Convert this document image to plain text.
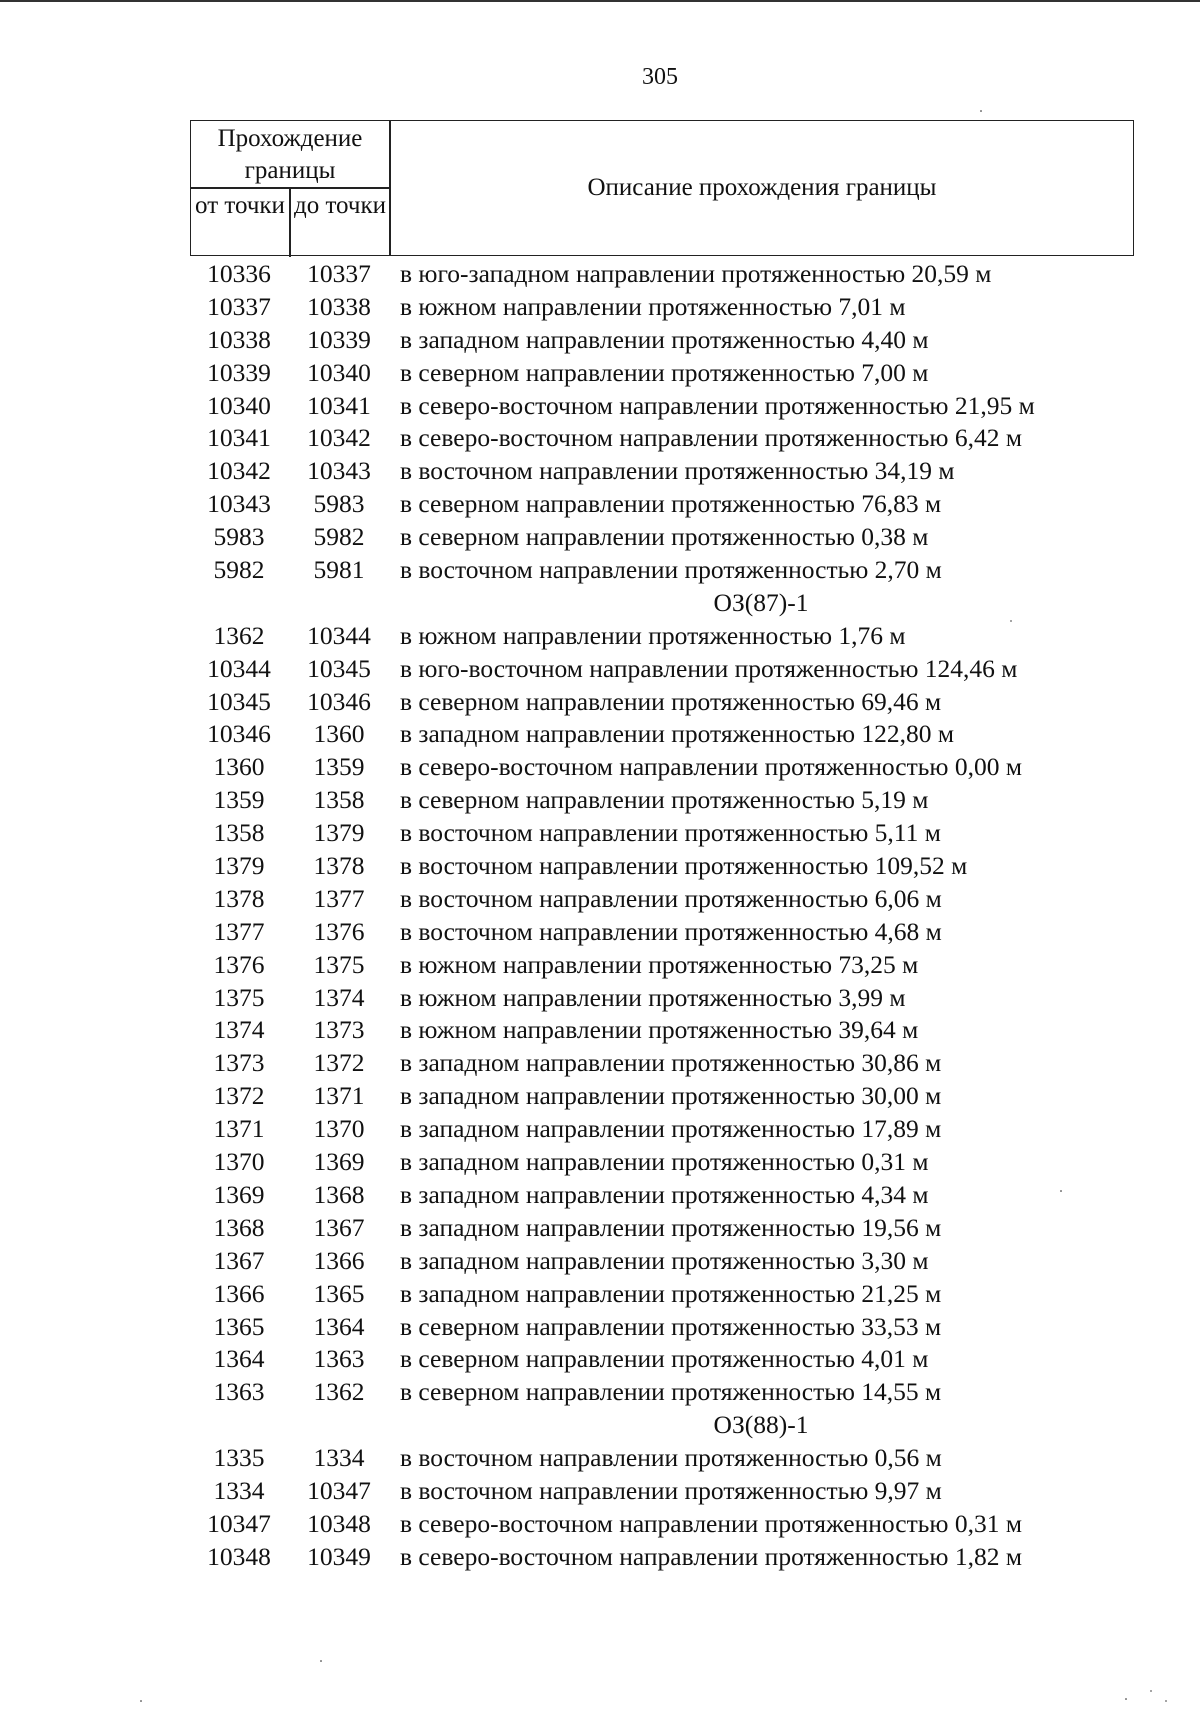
305
Прохождение границы
от точки до точки
Описание прохождения границы
10336	10337	в юго-западном направлении протяженностью 20,59 м
10337	10338	в южном направлении протяженностью 7,01 м
10338	10339	в западном направлении протяженностью 4,40 м
10339	10340	в северном направлении протяженностью 7,00 м
10340	10341	в северо-восточном направлении протяженностью 21,95 м
10341	10342	в северо-восточном направлении протяженностью 6,42 м
10342	10343	в восточном направлении протяженностью 34,19 м
10343	5983	в северном направлении протяженностью 76,83 м
5983	5982	в северном направлении протяженностью 0,38 м
5982	5981	в восточном направлении протяженностью 2,70 м
ОЗ(87)-1
1362	10344	в южном направлении протяженностью 1,76 м
10344	10345	в юго-восточном направлении протяженностью 124,46 м
10345	10346	в северном направлении протяженностью 69,46 м
10346	1360	в западном направлении протяженностью 122,80 м
1360	1359	в северо-восточном направлении протяженностью 0,00 м
1359	1358	в северном направлении протяженностью 5,19 м
1358	1379	в восточном направлении протяженностью 5,11 м
1379	1378	в восточном направлении протяженностью 109,52 м
1378	1377	в восточном направлении протяженностью 6,06 м
1377	1376	в восточном направлении протяженностью 4,68 м
1376	1375	в южном направлении протяженностью 73,25 м
1375	1374	в южном направлении протяженностью 3,99 м
1374	1373	в южном направлении протяженностью 39,64 м
1373	1372	в западном направлении протяженностью 30,86 м
1372	1371	в западном направлении протяженностью 30,00 м
1371	1370	в западном направлении протяженностью 17,89 м
1370	1369	в западном направлении протяженностью 0,31 м
1369	1368	в западном направлении протяженностью 4,34 м
1368	1367	в западном направлении протяженностью 19,56 м
1367	1366	в западном направлении протяженностью 3,30 м
1366	1365	в западном направлении протяженностью 21,25 м
1365	1364	в северном направлении протяженностью 33,53 м
1364	1363	в северном направлении протяженностью 4,01 м
1363	1362	в северном направлении протяженностью 14,55 м
ОЗ(88)-1
1335	1334	в восточном направлении протяженностью 0,56 м
1334	10347	в восточном направлении протяженностью 9,97 м
10347	10348	в северо-восточном направлении протяженностью 0,31 м
10348	10349	в северо-восточном направлении протяженностью 1,82 м
